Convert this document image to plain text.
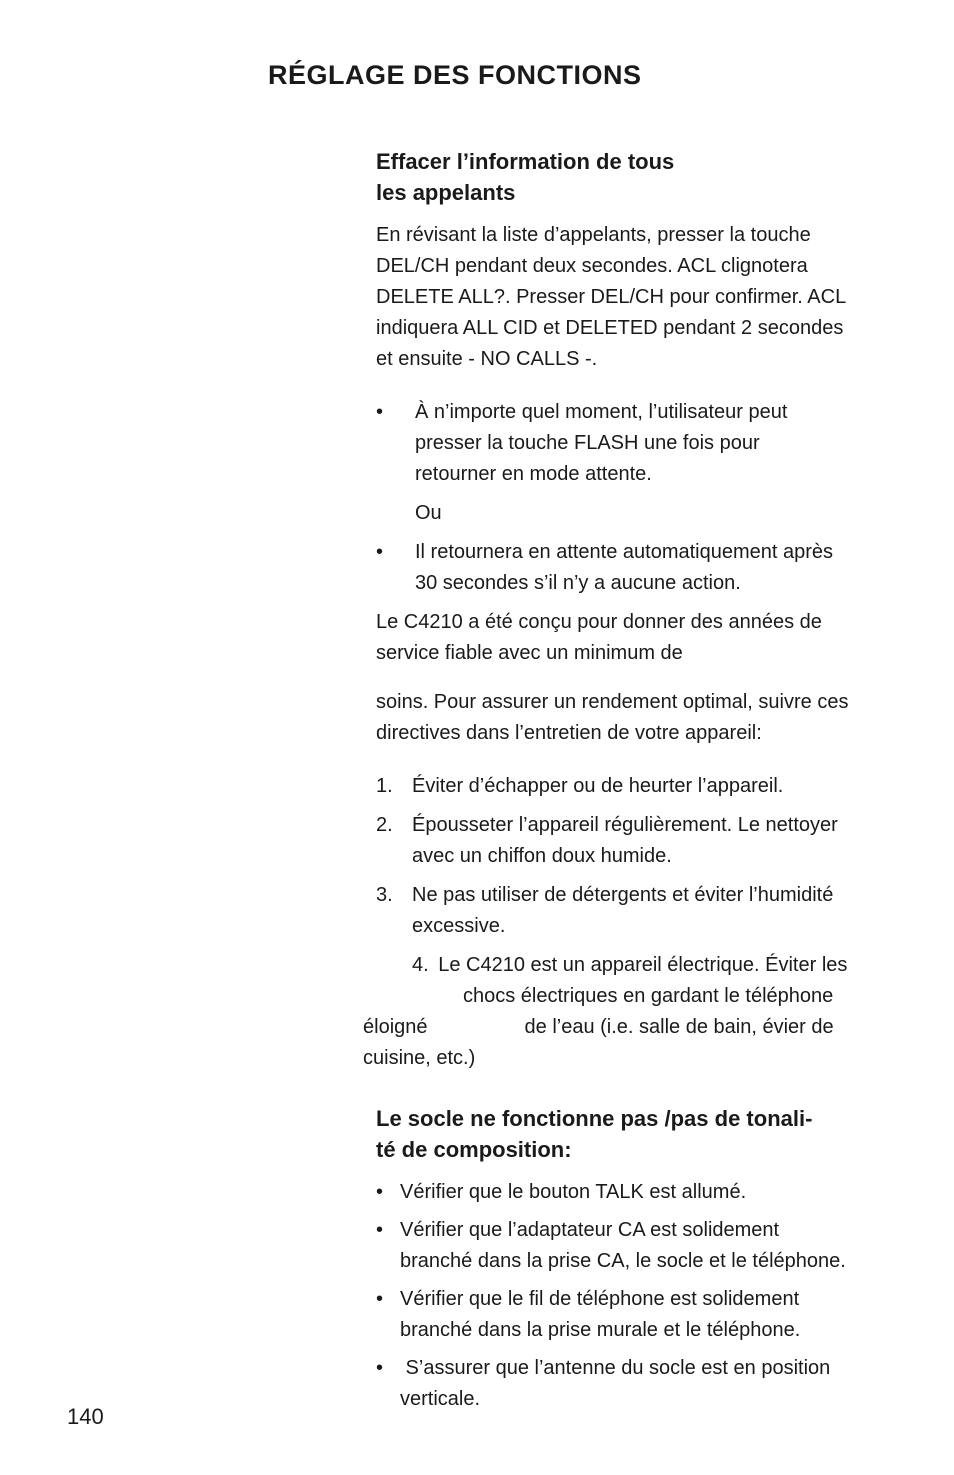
RÉGLAGE DES FONCTIONS
Effacer l’information de tous
les appelants

En révisant la liste d’appelants, presser la touche
DEL/CH pendant deux secondes. ACL clignotera
DELETE ALL?. Presser DEL/CH pour confirmer. ACL
indiquera ALL CID et DELETED pendant 2 secondes
et ensuite - NO CALLS -.

• À n’importe quel moment, l’utilisateur peut
presser la touche FLASH une fois pour
retourner en mode attente.
Ou
• Il retournera en attente automatiquement après
30 secondes s’il n’y a aucune action.

Le C4210 a été conçu pour donner des années de
service fiable avec un minimum de

soins. Pour assurer un rendement optimal, suivre ces
directives dans l’entretien de votre appareil:

1. Éviter d’échapper ou de heurter l’appareil.
2. Épousseter l’appareil régulièrement. Le nettoyer
avec un chiffon doux humide.
3. Ne pas utiliser de détergents et éviter l’humidité
excessive.
4. Le C4210 est un appareil électrique. Éviter les
chocs électriques en gardant le téléphone
éloigné	de l’eau (i.e. salle de bain, évier de
cuisine, etc.)
Le socle ne fonctionne pas /pas de tonali-
té de composition:
• Vérifier que le bouton TALK est allumé.
• Vérifier que l’adaptateur CA est solidement
branché dans la prise CA, le socle et le téléphone.
• Vérifier que le fil de téléphone est solidement
branché dans la prise murale et le téléphone.
• S’assurer que l’antenne du socle est en position
verticale.
140
